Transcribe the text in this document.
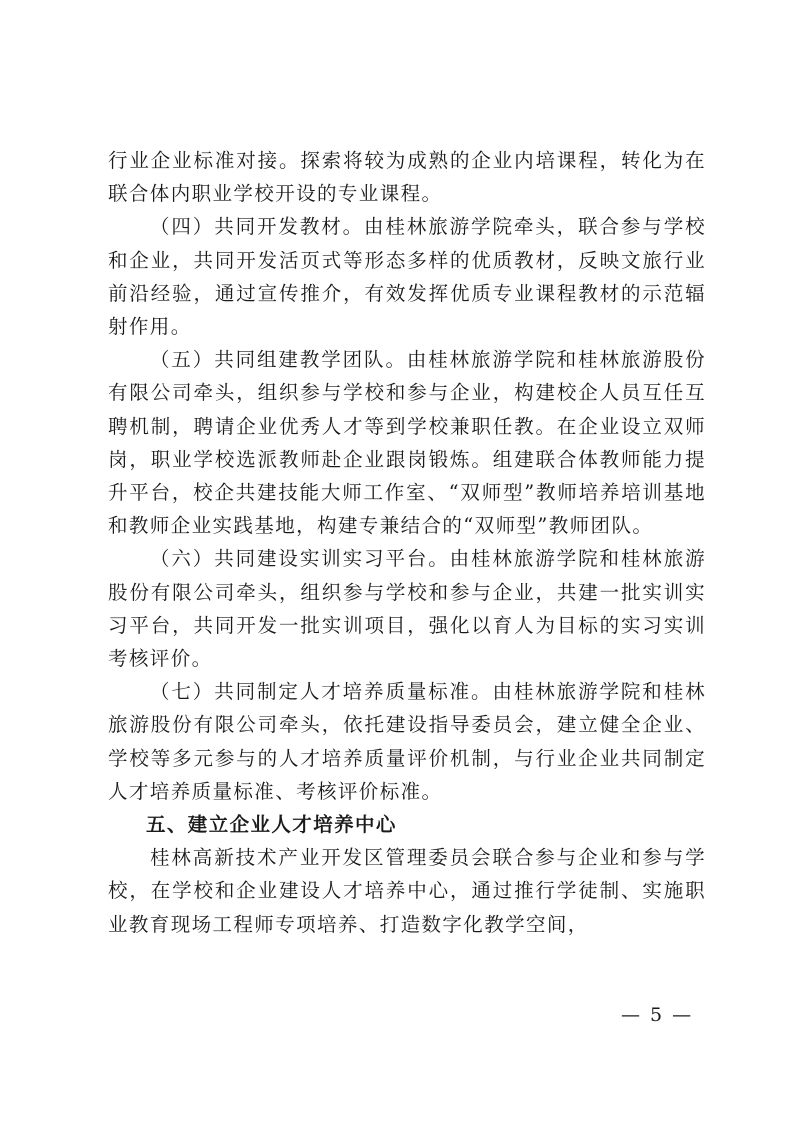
行业企业标准对接。探索将较为成熟的企业内培课程，转化为在联合体内职业学校开设的专业课程。

（四）共同开发教材。由桂林旅游学院牵头，联合参与学校和企业，共同开发活页式等形态多样的优质教材，反映文旅行业前沿经验，通过宣传推介，有效发挥优质专业课程教材的示范辐射作用。

（五）共同组建教学团队。由桂林旅游学院和桂林旅游股份有限公司牵头，组织参与学校和参与企业，构建校企人员互任互聘机制，聘请企业优秀人才等到学校兼职任教。在企业设立双师岗，职业学校选派教师赴企业跟岗锻炼。组建联合体教师能力提升平台，校企共建技能大师工作室、“双师型”教师培养培训基地和教师企业实践基地，构建专兼结合的“双师型”教师团队。

（六）共同建设实训实习平台。由桂林旅游学院和桂林旅游股份有限公司牵头，组织参与学校和参与企业，共建一批实训实习平台，共同开发一批实训项目，强化以育人为目标的实习实训考核评价。

（七）共同制定人才培养质量标准。由桂林旅游学院和桂林旅游股份有限公司牵头，依托建设指导委员会，建立健全企业、学校等多元参与的人才培养质量评价机制，与行业企业共同制定人才培养质量标准、考核评价标准。

五、建立企业人才培养中心

桂林高新技术产业开发区管理委员会联合参与企业和参与学校，在学校和企业建设人才培养中心，通过推行学徒制、实施职业教育现场工程师专项培养、打造数字化教学空间，

— 5 —
